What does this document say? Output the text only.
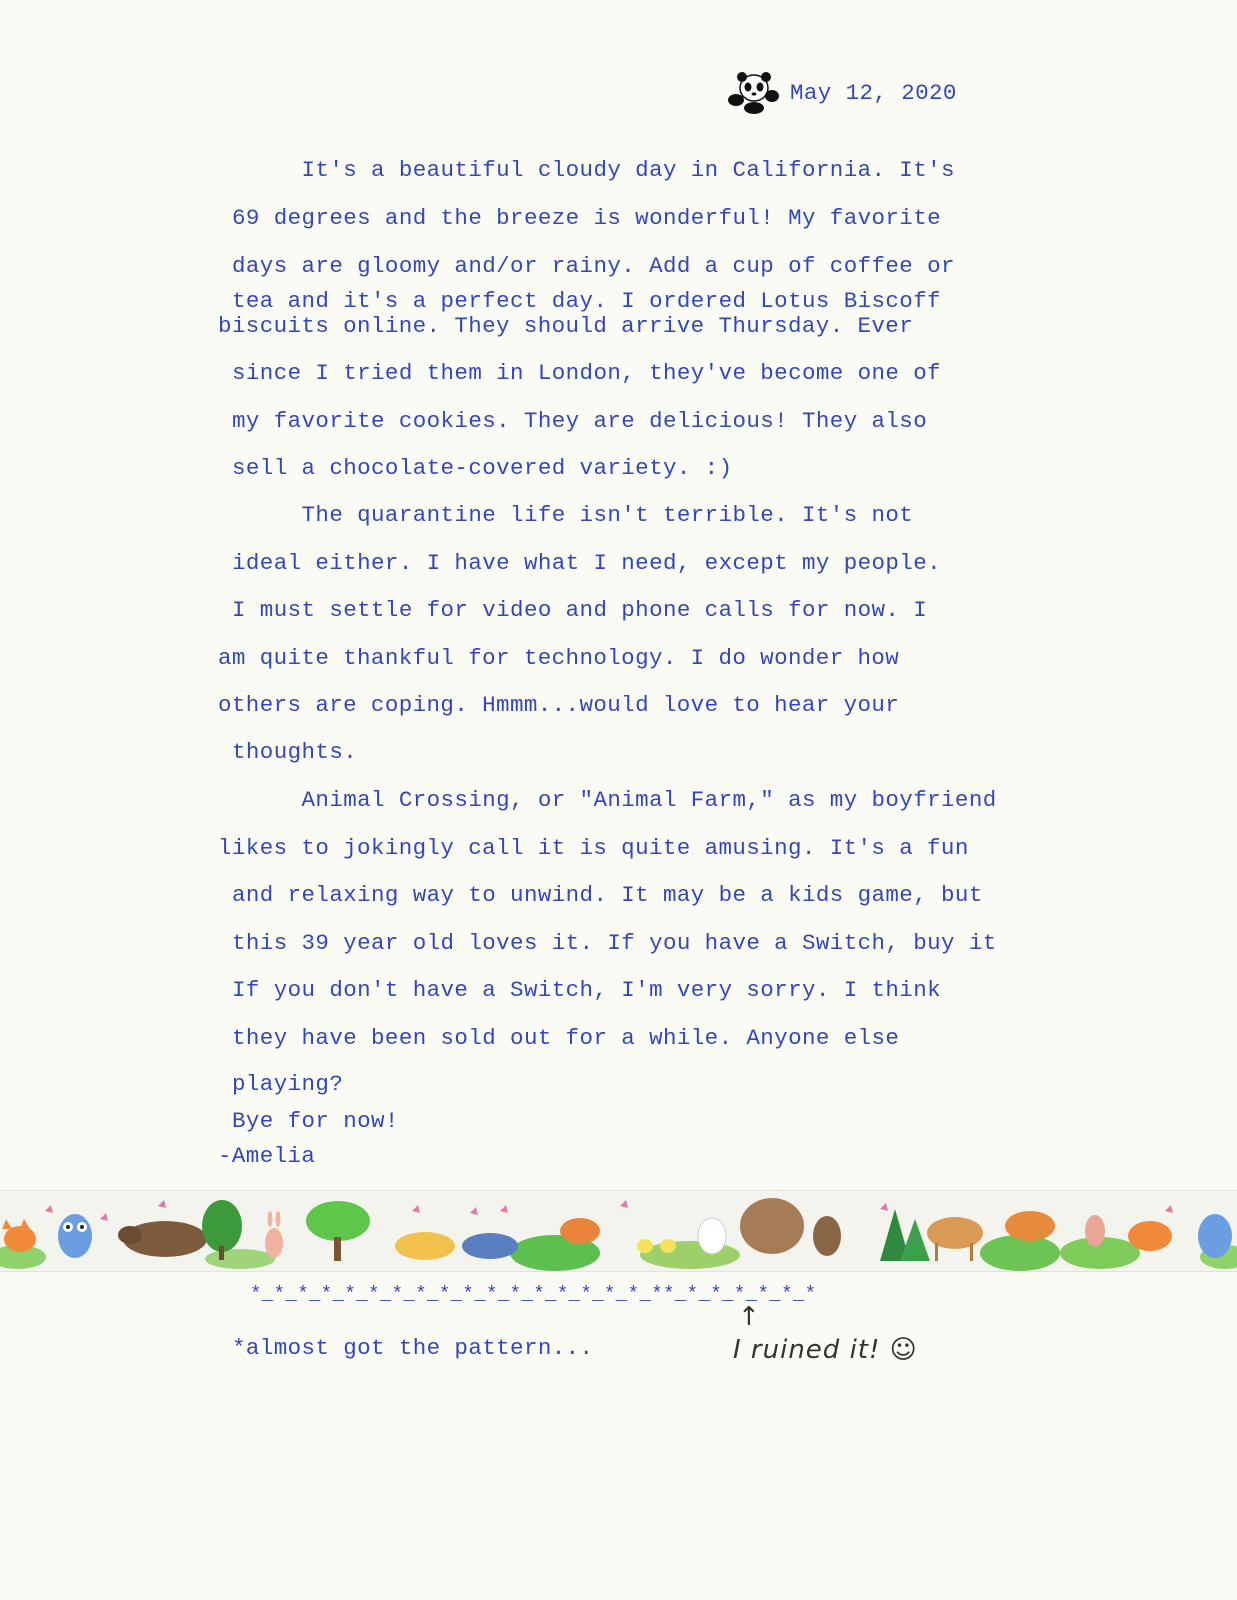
May 12, 2020
It's a beautiful cloudy day in California. It's
69 degrees and the breeze is wonderful! My favorite
days are gloomy and/or rainy. Add a cup of coffee or
tea and it's a perfect day. I ordered Lotus Biscoff
biscuits online. They should arrive Thursday. Ever
since I tried them in London, they've become one of
my favorite cookies. They are delicious! They also
sell a chocolate-covered variety. :)
The quarantine life isn't terrible. It's not
ideal either. I have what I need, except my people.
I must settle for video and phone calls for now. I
am quite thankful for technology. I do wonder how
others are coping. Hmmm...would love to hear your
thoughts.
Animal Crossing, or "Animal Farm," as my boyfriend
likes to jokingly call it is quite amusing. It's a fun
and relaxing way to unwind. It may be a kids game, but
this 39 year old loves it. If you have a Switch, buy it
If you don't have a Switch, I'm very sorry. I think
they have been sold out for a while. Anyone else
playing?
Bye for now!
-Amelia
*_*_*_*_*_*_*_*_*_*_*_*_*_*_*_*_*_**_*_*_*_*_*_*
*almost got the pattern...
↑
I ruined it! ☺
